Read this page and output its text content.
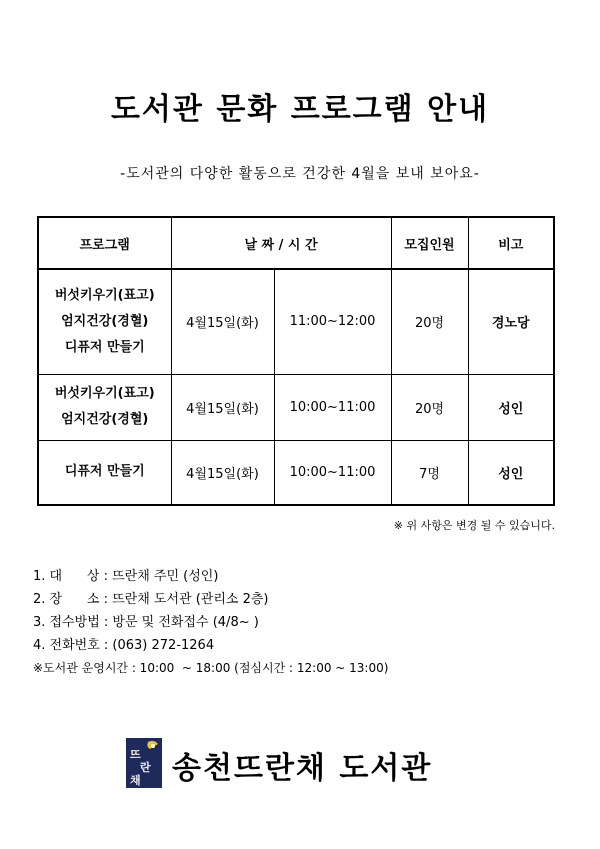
도서관 문화 프로그램 안내
-도서관의 다양한 활동으로 건강한 4월을 보내 보아요-
프로그램	날 짜 / 시 간		모집인원	비고

버섯키우기(표고)
엄지건강(경혈)
디퓨저 만들기	4월15일(화)	11:00~12:00	20명	경노당

버섯키우기(표고)
엄지건강(경혈)	4월15일(화)	10:00~11:00	20명	성인

디퓨저 만들기	4월15일(화)	10:00~11:00	7명	성인
※ 위 사항은 변경 될 수 있습니다.
1. 대      상 : 뜨란채 주민 (성인)
2. 장      소 : 뜨란채 도서관 (관리소 2층)
3. 접수방법 : 방문 및 전화접수 (4/8~ )
4. 전화번호 : (063) 272-1264
※도서관 운영시간 : 10:00  ~ 18:00 (점심시간 : 12:00 ~ 13:00)
뜨
란
채 송천뜨란채 도서관
